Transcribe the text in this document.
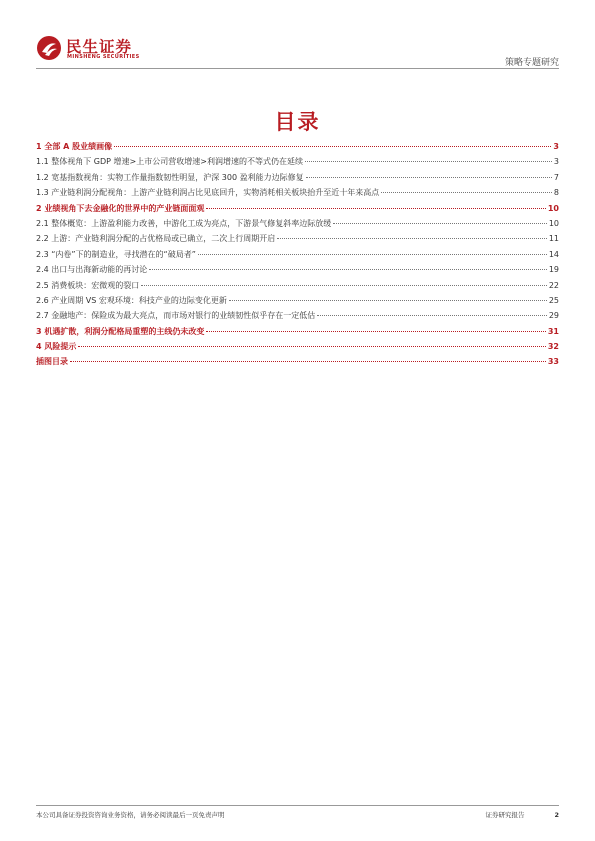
民生证券
MINSHENG SECURITIES
策略专题研究
目录
1 全部 A 股业绩画像	3
1.1 整体视角下 GDP 增速>上市公司营收增速>利润增速的不等式仍在延续	3
1.2 宽基指数视角：实物工作量指数韧性明显，沪深 300 盈利能力边际修复	7
1.3 产业链利润分配视角：上游产业链利润占比见底回升，实物消耗相关板块抬升至近十年来高点	8
2 业绩视角下去金融化的世界中的产业链面面观	10
2.1 整体概览：上游盈利能力改善，中游化工成为亮点，下游景气修复斜率边际放缓	10
2.2 上游：产业链利润分配的占优格局或已确立，二次上行周期开启	11
2.3 “内卷”下的制造业，寻找潜在的“破局者”	14
2.4 出口与出海新动能的再讨论	19
2.5 消费板块：宏微观的裂口	22
2.6 产业周期 VS 宏观环境：科技产业的边际变化更新	25
2.7 金融地产：保险成为最大亮点，而市场对银行的业绩韧性似乎存在一定低估	29
3 机遇扩散，利润分配格局重塑的主线仍未改变	31
4 风险提示	32
插图目录	33
本公司具备证券投资咨询业务资格，请务必阅读最后一页免责声明	证券研究报告	2
